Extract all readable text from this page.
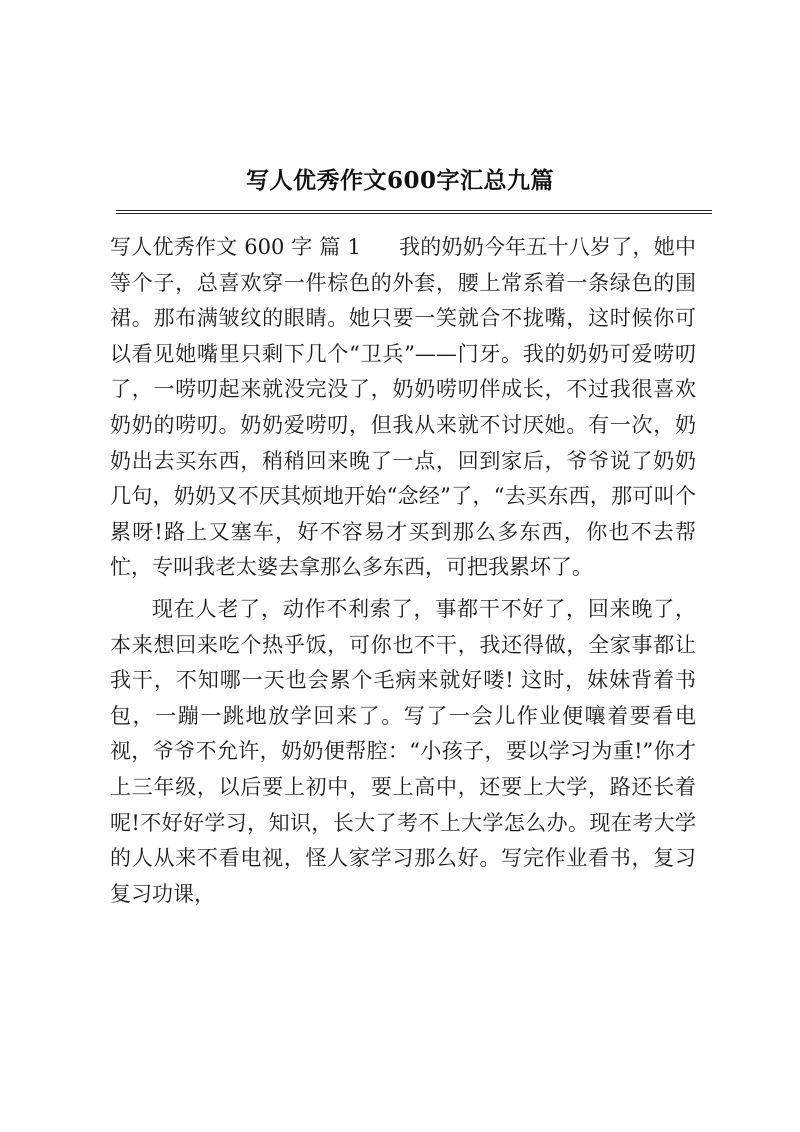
写人优秀作文600字汇总九篇

写人优秀作文 600 字 篇 1 我的奶奶今年五十八岁了，她中等个子，总喜欢穿一件棕色的外套，腰上常系着一条绿色的围裙。那布满皱纹的眼睛。她只要一笑就合不拢嘴，这时候你可以看见她嘴里只剩下几个“卫兵”——门牙。我的奶奶可爱唠叨了，一唠叨起来就没完没了，奶奶唠叨伴成长，不过我很喜欢奶奶的唠叨。奶奶爱唠叨，但我从来就不讨厌她。有一次，奶奶出去买东西，稍稍回来晚了一点，回到家后，爷爷说了奶奶几句，奶奶又不厌其烦地开始“念经”了，“去买东西，那可叫个累呀!路上又塞车，好不容易才买到那么多东西，你也不去帮忙，专叫我老太婆去拿那么多东西，可把我累坏了。

现在人老了，动作不利索了，事都干不好了，回来晚了，本来想回来吃个热乎饭，可你也不干，我还得做，全家事都让我干，不知哪一天也会累个毛病来就好喽! 这时，妹妹背着书包，一蹦一跳地放学回来了。写了一会儿作业便嚷着要看电视，爷爷不允许，奶奶便帮腔：“小孩子，要以学习为重!”你才上三年级，以后要上初中，要上高中，还要上大学，路还长着呢!不好好学习，知识，长大了考不上大学怎么办。现在考大学的人从来不看电视，怪人家学习那么好。写完作业看书，复习复习功课，
